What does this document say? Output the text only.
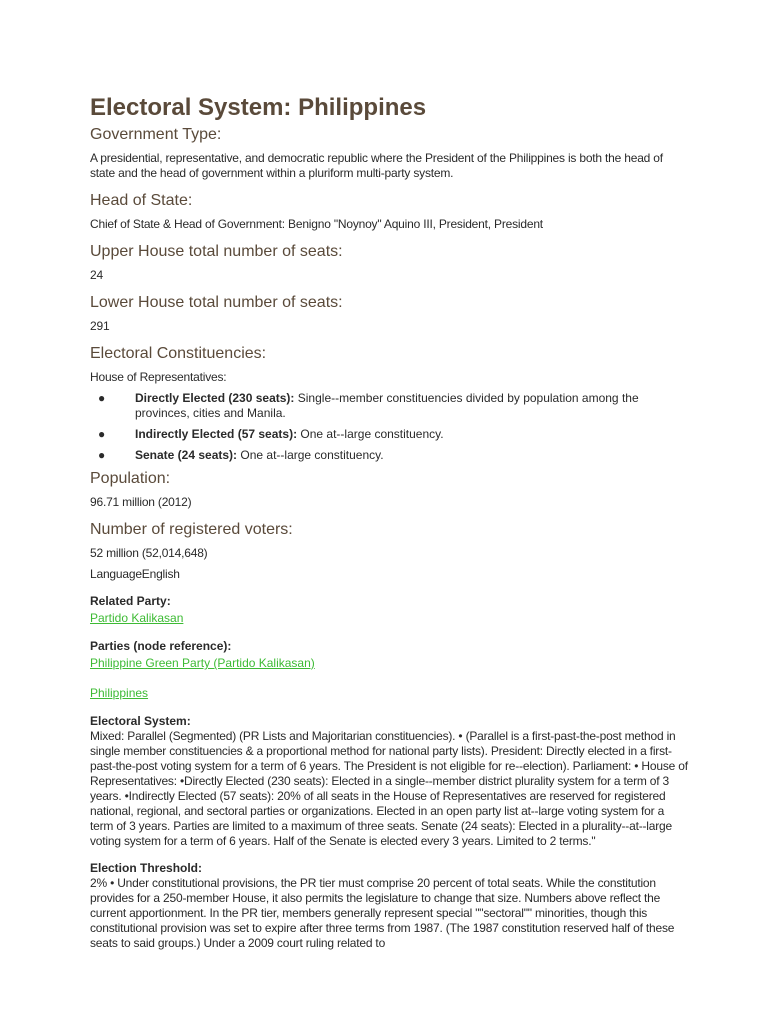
Electoral System: Philippines
Government Type:

A presidential, representative, and democratic republic where the President of the Philippines is both the head of state and the head of government within a pluriform multi-party system.

Head of State:

Chief of State & Head of Government: Benigno "Noynoy" Aquino III, President, President

Upper House total number of seats:

24

Lower House total number of seats:

291

Electoral Constituencies:

House of Representatives:

● Directly Elected (230 seats): Single--member constituencies divided by population among the provinces, cities and Manila.
● Indirectly Elected (57 seats): One at--large constituency.
● Senate (24 seats): One at--large constituency.
Population:

96.71 million (2012)

Number of registered voters:

52 million (52,014,648)

LanguageEnglish

Related Party:
Partido Kalikasan
Parties (node reference):
Philippine Green Party (Partido Kalikasan)
Philippines
Electoral System:

Mixed: Parallel (Segmented) (PR Lists and Majoritarian constituencies). • (Parallel is a first-past-the-post method in single member constituencies & a proportional method for national party lists). President: Directly elected in a first-past-the-post voting system for a term of 6 years. The President is not eligible for re--election). Parliament: • House of Representatives: •Directly Elected (230 seats): Elected in a single--member district plurality system for a term of 3 years. •Indirectly Elected (57 seats): 20% of all seats in the House of Representatives are reserved for registered national, regional, and sectoral parties or organizations. Elected in an open party list at--large voting system for a term of 3 years. Parties are limited to a maximum of three seats. Senate (24 seats): Elected in a plurality--at--large voting system for a term of 6 years. Half of the Senate is elected every 3 years. Limited to 2 terms."

Election Threshold:

2% • Under constitutional provisions, the PR tier must comprise 20 percent of total seats. While the constitution provides for a 250-member House, it also permits the legislature to change that size. Numbers above reflect the current apportionment. In the PR tier, members generally represent special ""sectoral"" minorities, though this constitutional provision was set to expire after three terms from 1987. (The 1987 constitution reserved half of these seats to said groups.) Under a 2009 court ruling related to
